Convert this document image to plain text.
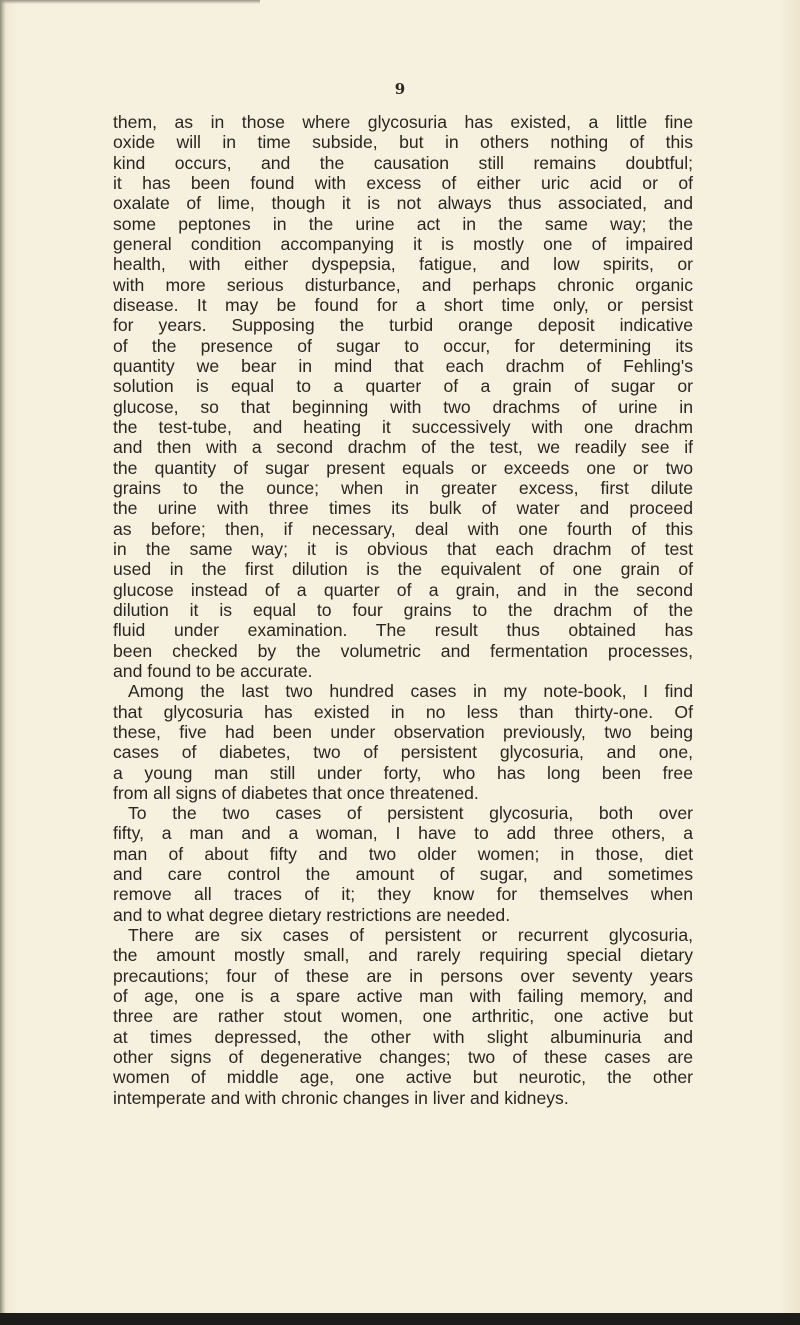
9

them, as in those where glycosuria has existed, a little fine
oxide will in time subside, but in others nothing of this
kind occurs, and the causation still remains doubtful;
it has been found with excess of either uric acid or of
oxalate of lime, though it is not always thus associated, and
some peptones in the urine act in the same way; the
general condition accompanying it is mostly one of impaired
health, with either dyspepsia, fatigue, and low spirits, or
with more serious disturbance, and perhaps chronic organic
disease. It may be found for a short time only, or persist
for years. Supposing the turbid orange deposit indicative
of the presence of sugar to occur, for determining its
quantity we bear in mind that each drachm of Fehling's
solution is equal to a quarter of a grain of sugar or
glucose, so that beginning with two drachms of urine in
the test-tube, and heating it successively with one drachm
and then with a second drachm of the test, we readily see if
the quantity of sugar present equals or exceeds one or two
grains to the ounce; when in greater excess, first dilute
the urine with three times its bulk of water and proceed
as before; then, if necessary, deal with one fourth of this
in the same way; it is obvious that each drachm of test
used in the first dilution is the equivalent of one grain of
glucose instead of a quarter of a grain, and in the second
dilution it is equal to four grains to the drachm of the
fluid under examination. The result thus obtained has
been checked by the volumetric and fermentation processes,
and found to be accurate.
Among the last two hundred cases in my note-book, I find
that glycosuria has existed in no less than thirty-one. Of
these, five had been under observation previously, two being
cases of diabetes, two of persistent glycosuria, and one,
a young man still under forty, who has long been free
from all signs of diabetes that once threatened.
To the two cases of persistent glycosuria, both over
fifty, a man and a woman, I have to add three others, a
man of about fifty and two older women; in those, diet
and care control the amount of sugar, and sometimes
remove all traces of it; they know for themselves when
and to what degree dietary restrictions are needed.
There are six cases of persistent or recurrent glycosuria,
the amount mostly small, and rarely requiring special dietary
precautions; four of these are in persons over seventy years
of age, one is a spare active man with failing memory, and
three are rather stout women, one arthritic, one active but
at times depressed, the other with slight albuminuria and
other signs of degenerative changes; two of these cases are
women of middle age, one active but neurotic, the other
intemperate and with chronic changes in liver and kidneys.
